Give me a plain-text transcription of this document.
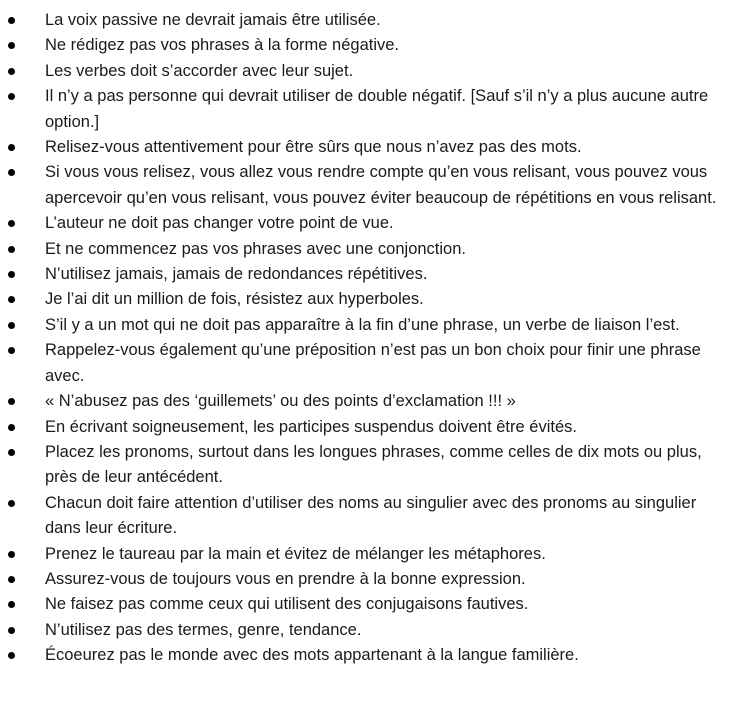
La voix passive ne devrait jamais être utilisée.
Ne rédigez pas vos phrases à la forme négative.
Les verbes doit s’accorder avec leur sujet.
Il n’y a pas personne qui devrait utiliser de double négatif. [Sauf s’il n’y a plus aucune autre option.]
Relisez-vous attentivement pour être sûrs que nous n’avez pas des mots.
Si vous vous relisez, vous allez vous rendre compte qu’en vous relisant, vous pouvez vous apercevoir qu’en vous relisant, vous pouvez éviter beaucoup de répétitions en vous relisant.
L’auteur ne doit pas changer votre point de vue.
Et ne commencez pas vos phrases avec une conjonction.
N’utilisez jamais, jamais de redondances répétitives.
Je l’ai dit un million de fois, résistez aux hyperboles.
S’il y a un mot qui ne doit pas apparaître à la fin d’une phrase, un verbe de liaison l’est.
Rappelez-vous également qu’une préposition n’est pas un bon choix pour finir une phrase avec.
« N’abusez pas des ‘guillemets’ ou des points d’exclamation !!! »
En écrivant soigneusement, les participes suspendus doivent être évités.
Placez les pronoms, surtout dans les longues phrases, comme celles de dix mots ou plus, près de leur antécédent.
Chacun doit faire attention d’utiliser des noms au singulier avec des pronoms au singulier dans leur écriture.
Prenez le taureau par la main et évitez de mélanger les métaphores.
Assurez-vous de toujours vous en prendre à la bonne expression.
Ne faisez pas comme ceux qui utilisent des conjugaisons fautives.
N’utilisez pas des termes, genre, tendance.
Écoeurez pas le monde avec des mots appartenant à la langue familière.
